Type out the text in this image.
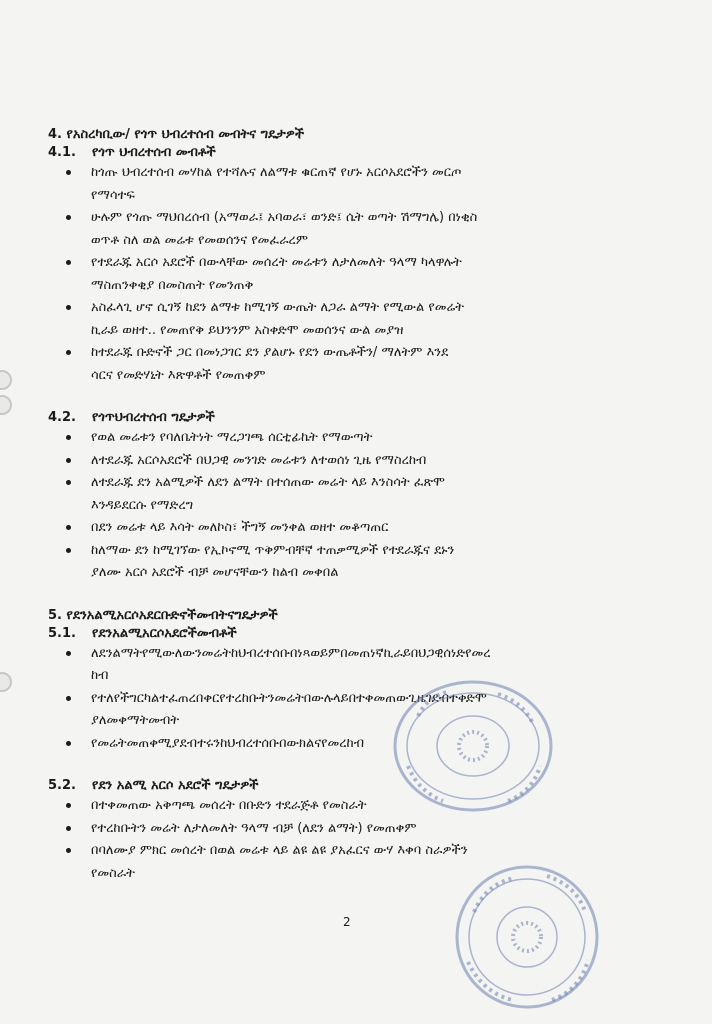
4. የአስረካቢው/ የጎጥ ህብረተሰብ መብትና ግዴታዎች
4.1.	የጎጥ ህብረተሰብ መብቶች
ከጎጡ ህብረተሰብ መሃከል የተሻሉና ለልማቱ ቁርጠኛ የሆኑ አርሶአደሮችን መርጦ
የማሳተፍ
ሁሉም የጎጡ ማህበረሰብ (አማወራ፤ አባወራ፣ ወንድ፤ ሴት ወጣት ሽማግሌ) በነቂስ
ወጥቶ ስለ ወል መሬቱ የመወሰንና የመፈራረም
የተደራጁ አርሶ አደሮች በውላቸው መሰረት መሬቱን ለታለመለት ዓላማ ካላዋሉት
ማስጠንቀቂያ በመስጠት የመንጠቅ
አስፈላጊ ሆኖ ሲገኝ ከደን ልማቱ ከሚገኝ ውጤት ለጋራ ልማት የሚውል የመሬት
ኪራይ ወዘተ.. የመጠየቅ ይህንንም አስቀድሞ መወሰንና ውል መያዝ
ከተደራጁ ቡድኖች ጋር በመነጋገር ደን ያልሆኑ የደን ውጤቶችን/ ማለትም እንደ
ሳርና የመድሃኒት እጽዋቶች የመጠቀም
4.2.	የጎጥህብረተሰብ ግዴታዎች
የወል መሬቱን የባለቤትነት ማረጋገጫ ሰርቲፊኬት የማውጣት
ለተደራጁ አርሶአደሮች በህጋዊ መንገድ መሬቱን ለተወሰነ ጊዜ የማስረከብ
ለተደራጁ ደን አልሚዎች ለደን ልማት በተሰጠው መሬት ላይ እንስሳት ፈጽሞ
እንዳይደርሱ የማድረግ
በደን መሬቱ ላይ እሳት መለኮስ፣ ችግኝ መንቀል ወዘተ መቆጣጠር
ከለማው ደን ከሚገኘው የኢኮኖሚ ጥቅምብቸኛ ተጠቃሚዎች የተደራጁና ደኑን
ያለሙ አርሶ አደሮች ብቻ መሆናቸውን ከልብ መቀበል
5. የደንአልሚአርሶአደርቡድኖችመብትናግዴታዎች
5.1.	የደንአልሚአርሶአደሮችመብቶች
ለደንልማትየሚውለውንመሬትከህብረተሰቡበነጻወይምበመጠነኛኪራይበህጋዊሰነድየመረ
ከብ
የተለየችግርካልተፈጠረበቀርየተረከቡትንመሬትበውሉላይበተቀመጠውጊዜገደብተቀድሞ
ያለመቀማትመብት
የመሬትመጠቀሚያደብተሩንከህብረተሰቡበውክልናየመረከብ
5.2.	የደን አልሚ አርሶ አደሮች ግዴታዎች
በተቀመጠው አቅጣጫ መሰረት በቡድን ተደራጅቶ የመስራት
የተረከቡትን መሬት ለታለመለት ዓላማ ብቻ (ለደን ልማት) የመጠቀም
በባለሙያ ምክር መሰረት በወል መሬቱ ላይ ልዩ ልዩ ያአፈርና ውሃ እቀባ ስራዎችን
የመስራት
2
